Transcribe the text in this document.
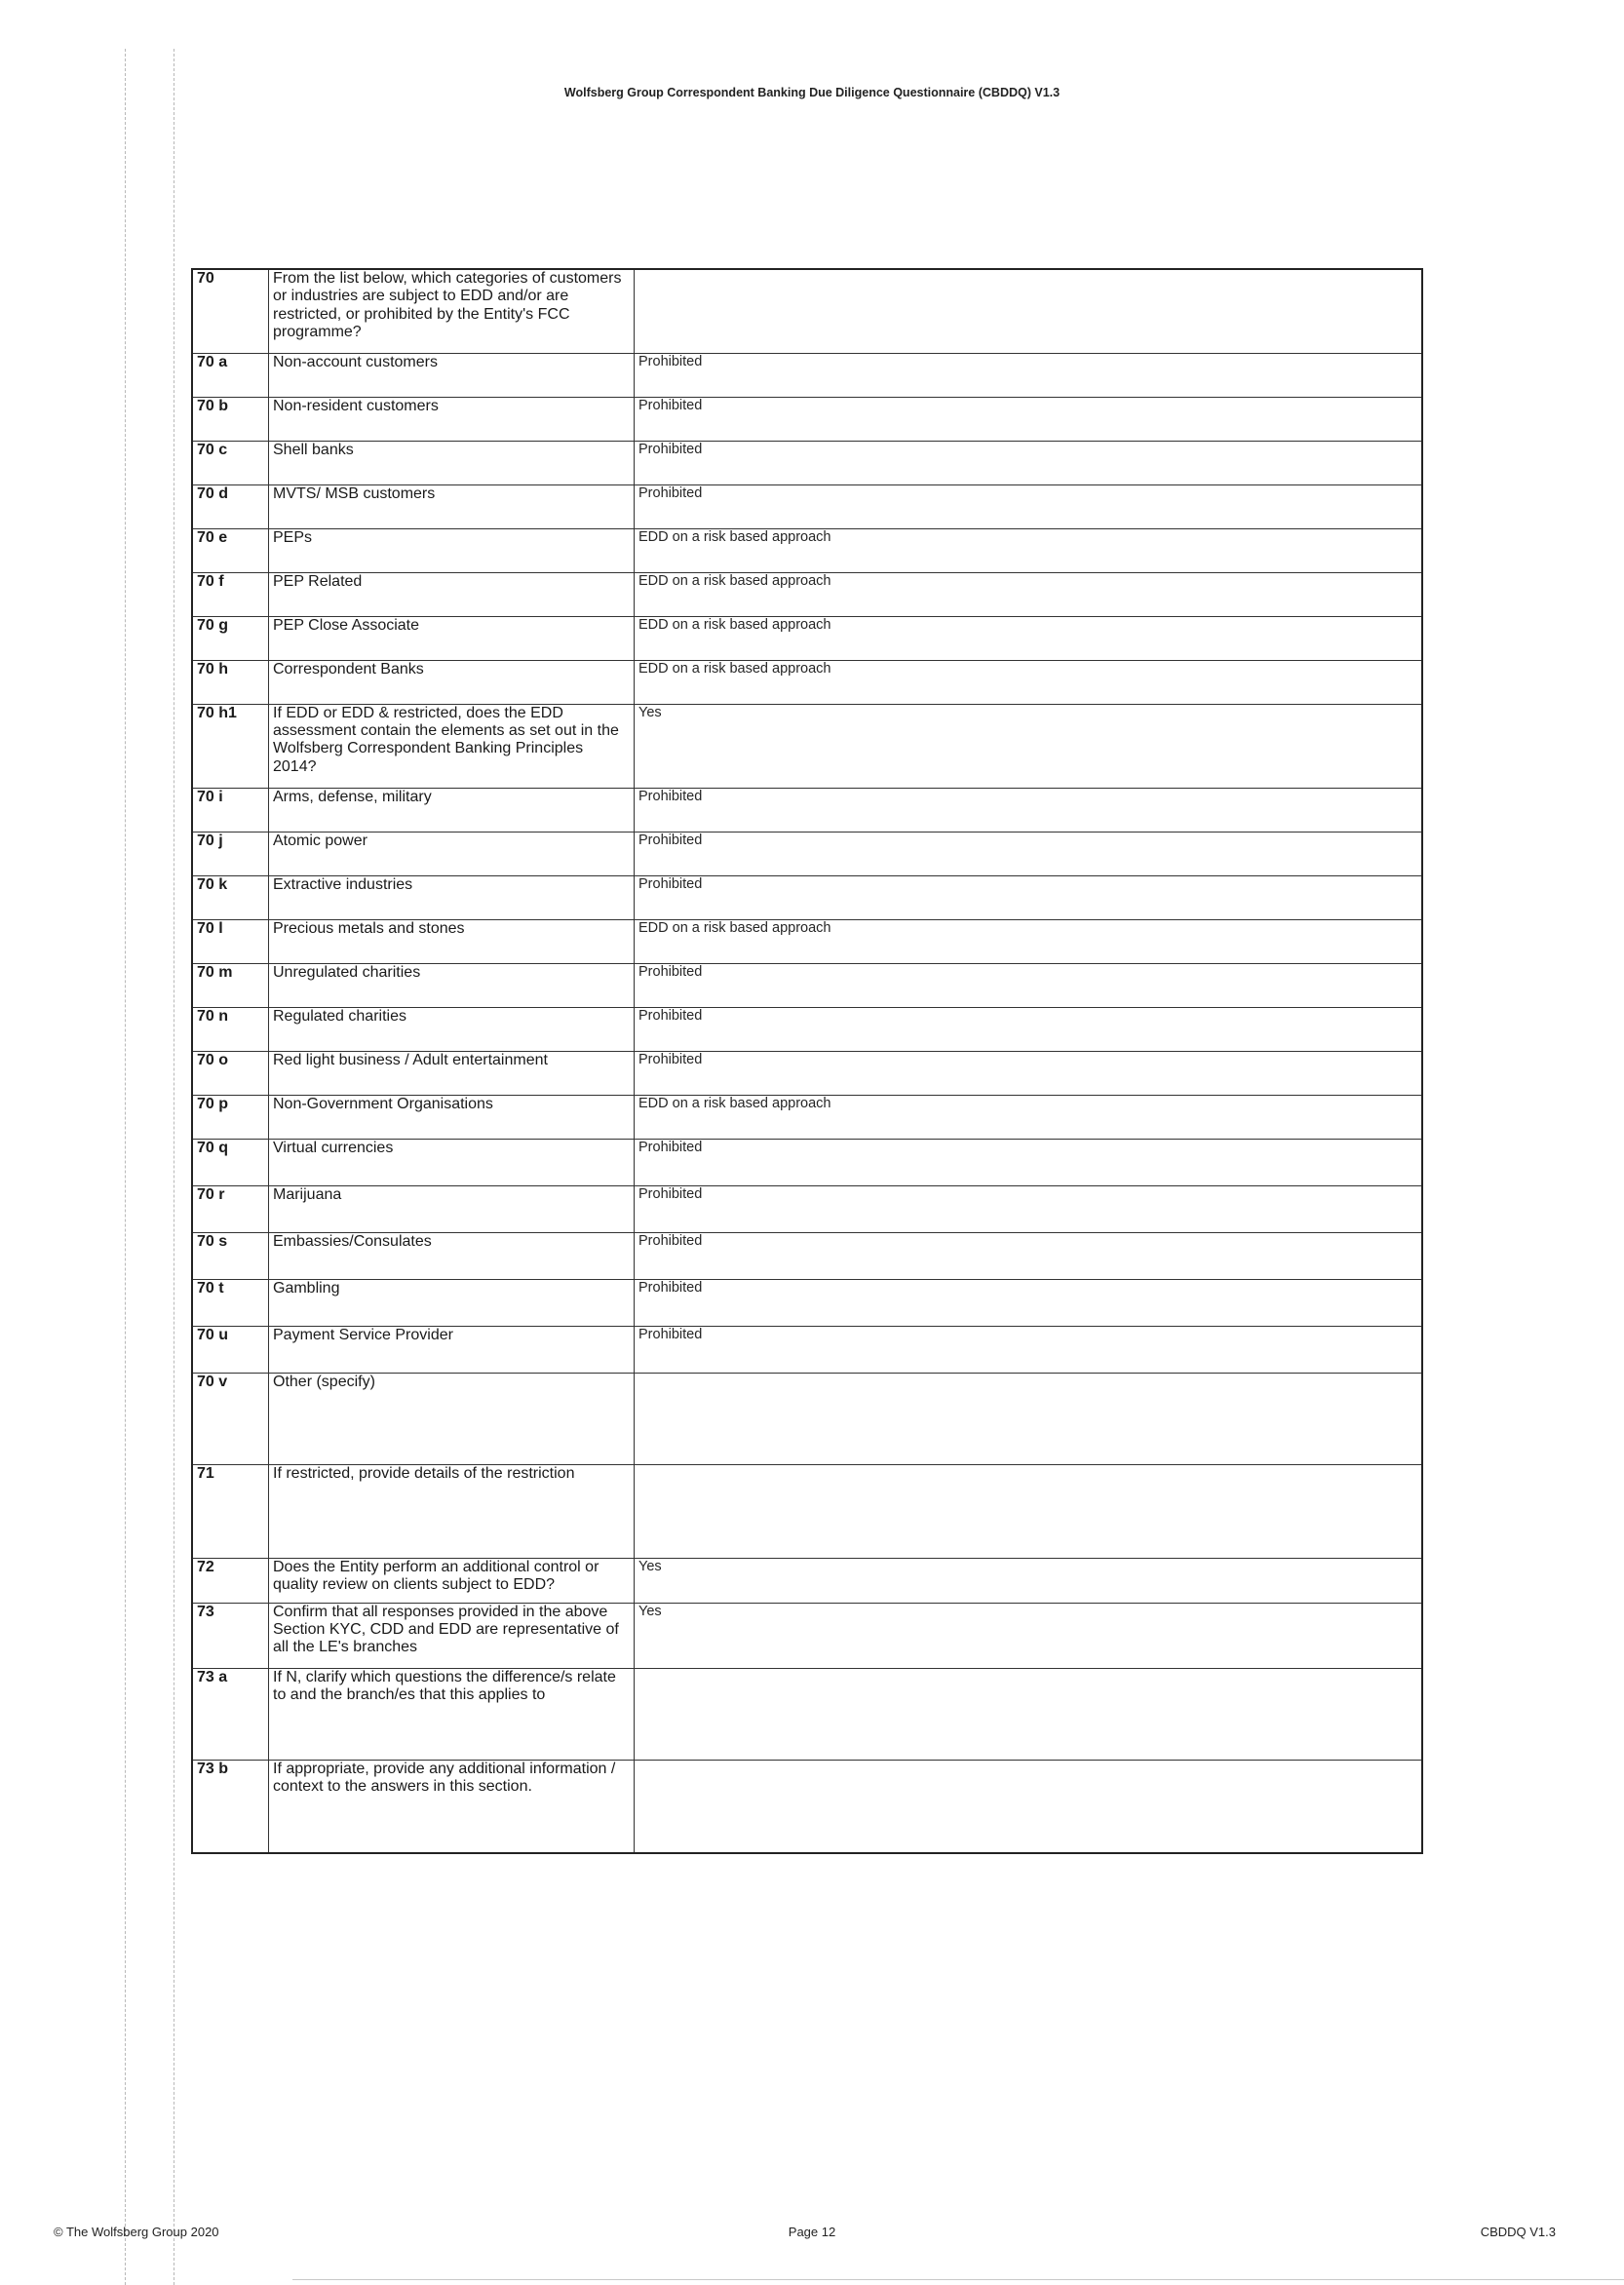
Wolfsberg Group Correspondent Banking Due Diligence Questionnaire (CBDDQ) V1.3
70	From the list below, which categories of customers or industries are subject to EDD and/or are restricted, or prohibited by the Entity's FCC programme?	
70 a	Non-account customers	Prohibited
70 b	Non-resident customers	Prohibited
70 c	Shell banks	Prohibited
70 d	MVTS/ MSB customers	Prohibited
70 e	PEPs	EDD on a risk based approach
70 f	PEP Related	EDD on a risk based approach
70 g	PEP Close Associate	EDD on a risk based approach
70 h	Correspondent Banks	EDD on a risk based approach
70 h1	If EDD or EDD & restricted, does the EDD assessment contain the elements as set out in the Wolfsberg Correspondent Banking Principles 2014?	Yes
70 i	Arms, defense, military	Prohibited
70 j	Atomic power	Prohibited
70 k	Extractive industries	Prohibited
70 l	Precious metals and stones	EDD on a risk based approach
70 m	Unregulated charities	Prohibited
70 n	Regulated charities	Prohibited
70 o	Red light business / Adult entertainment	Prohibited
70 p	Non-Government Organisations	EDD on a risk based approach
70 q	Virtual currencies	Prohibited
70 r	Marijuana	Prohibited
70 s	Embassies/Consulates	Prohibited
70 t	Gambling	Prohibited
70 u	Payment Service Provider	Prohibited
70 v	Other (specify)	
71	If restricted, provide details of the restriction	
72	Does the Entity perform an additional control or quality review on clients subject to EDD?	Yes
73	Confirm that all responses provided in the above Section KYC, CDD and EDD are representative of all the LE's branches	Yes
73 a	If N, clarify which questions the difference/s relate to and the branch/es that this applies to	
73 b	If appropriate, provide any additional information / context to the answers in this section.	
© The Wolfsberg Group 2020	Page 12	CBDDQ V1.3
